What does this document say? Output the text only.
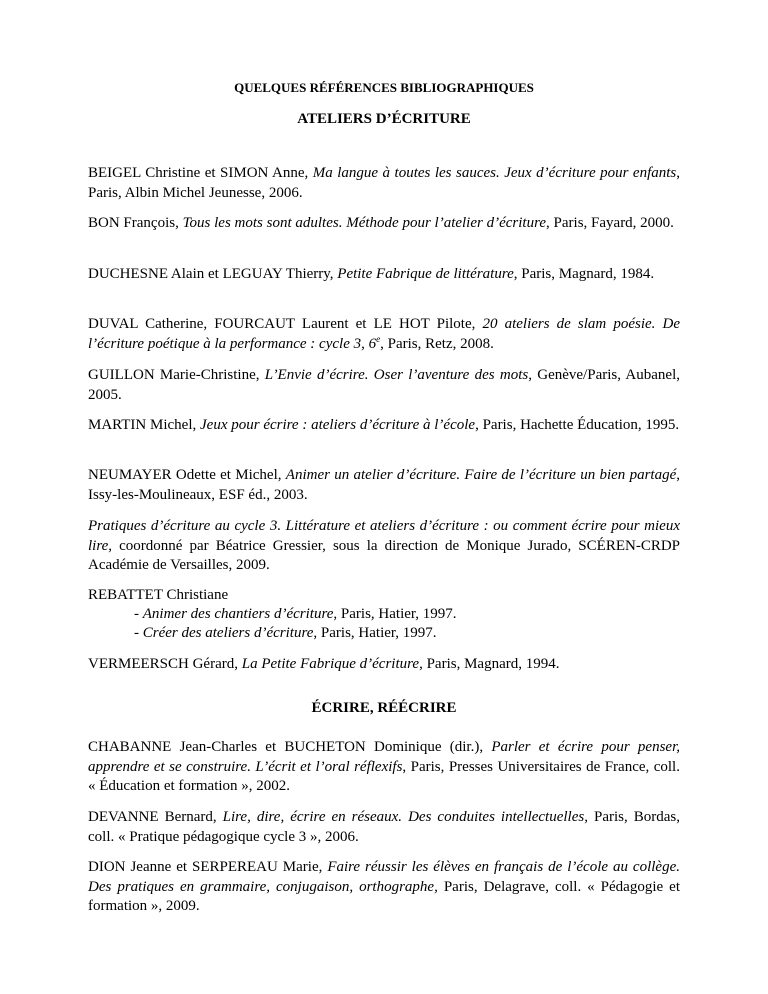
QUELQUES RÉFÉRENCES BIBLIOGRAPHIQUES
ATELIERS D’ÉCRITURE
BEIGEL Christine et SIMON Anne, Ma langue à toutes les sauces. Jeux d’écriture pour enfants, Paris, Albin Michel Jeunesse, 2006.
BON François, Tous les mots sont adultes. Méthode pour l’atelier d’écriture, Paris, Fayard, 2000.
DUCHESNE Alain et LEGUAY Thierry, Petite Fabrique de littérature, Paris, Magnard, 1984.
DUVAL Catherine, FOURCAUT Laurent et LE HOT Pilote, 20 ateliers de slam poésie. De l’écriture poétique à la performance : cycle 3, 6e, Paris, Retz, 2008.
GUILLON Marie-Christine, L’Envie d’écrire. Oser l’aventure des mots, Genève/Paris, Aubanel, 2005.
MARTIN Michel, Jeux pour écrire : ateliers d’écriture à l’école, Paris, Hachette Éducation, 1995.
NEUMAYER Odette et Michel, Animer un atelier d’écriture. Faire de l’écriture un bien partagé, Issy-les-Moulineaux, ESF éd., 2003.
Pratiques d’écriture au cycle 3. Littérature et ateliers d’écriture : ou comment écrire pour mieux lire, coordonné par Béatrice Gressier, sous la direction de Monique Jurado, SCÉREN-CRDP Académie de Versailles, 2009.
REBATTET Christiane
- Animer des chantiers d’écriture, Paris, Hatier, 1997.
- Créer des ateliers d’écriture, Paris, Hatier, 1997.
VERMEERSCH Gérard, La Petite Fabrique d’écriture, Paris, Magnard, 1994.
ÉCRIRE, RÉÉCRIRE
CHABANNE Jean-Charles et BUCHETON Dominique (dir.), Parler et écrire pour penser, apprendre et se construire. L’écrit et l’oral réflexifs, Paris, Presses Universitaires de France, coll. « Éducation et formation », 2002.
DEVANNE Bernard, Lire, dire, écrire en réseaux. Des conduites intellectuelles, Paris, Bordas, coll. « Pratique pédagogique cycle 3 », 2006.
DION Jeanne et SERPEREAU Marie, Faire réussir les élèves en français de l’école au collège. Des pratiques en grammaire, conjugaison, orthographe, Paris, Delagrave, coll. « Pédagogie et formation », 2009.
